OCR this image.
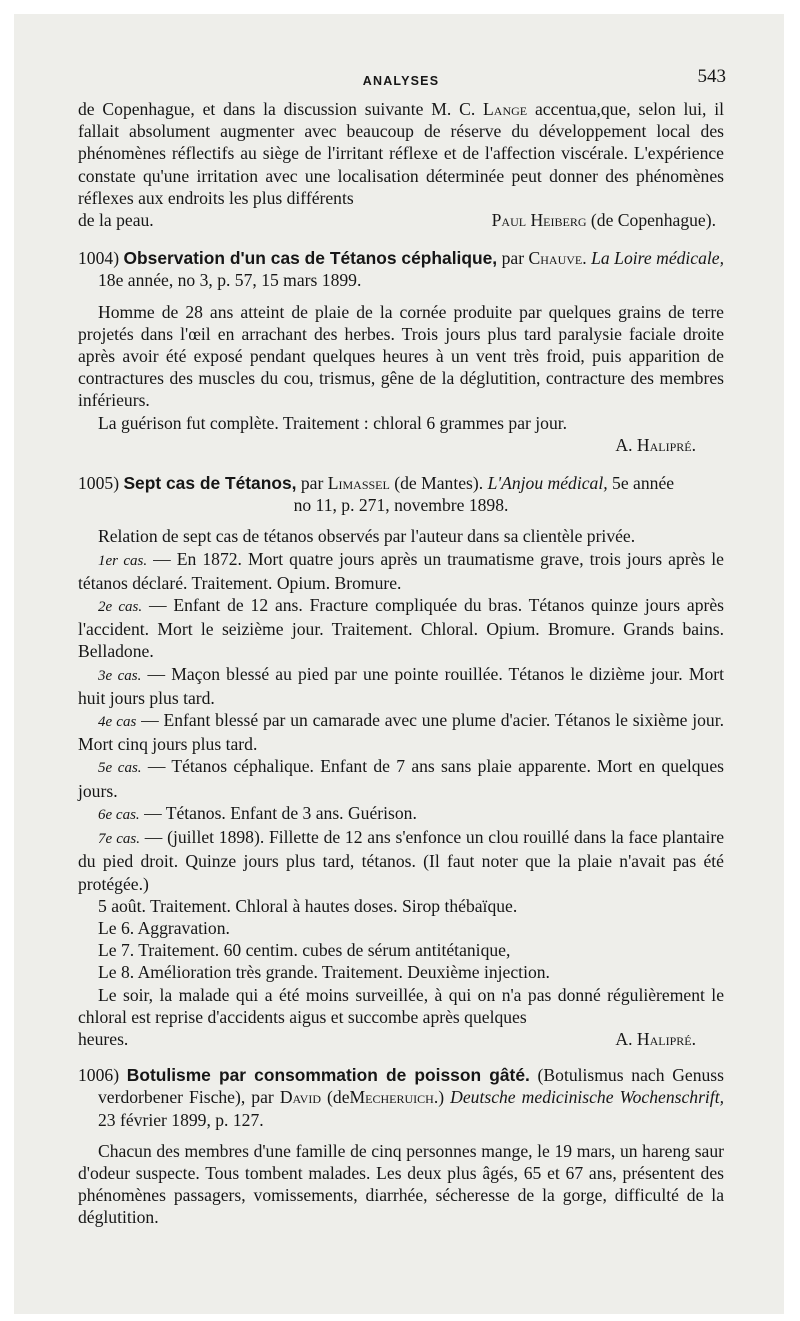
ANALYSES	543

de Copenhague, et dans la discussion suivante M. C. Lange accentua,que, selon lui, il fallait absolument augmenter avec beaucoup de réserve du développement local des phénomènes réflectifs au siège de l'irritant réflexe et de l'affection viscérale. L'expérience constate qu'une irritation avec une localisation déterminée peut donner des phénomènes réflexes aux endroits les plus différents

de la peau.	Paul Heiberg (de Copenhague).

1004) Observation d'un cas de Tétanos céphalique, par Chauve. La Loire médicale, 18e année, no 3, p. 57, 15 mars 1899.

Homme de 28 ans atteint de plaie de la cornée produite par quelques grains de terre projetés dans l'œil en arrachant des herbes. Trois jours plus tard paralysie faciale droite après avoir été exposé pendant quelques heures à un vent très froid, puis apparition de contractures des muscles du cou, trismus, gêne de la déglutition, contracture des membres inférieurs.

La guérison fut complète. Traitement : chloral 6 grammes par jour.

A. Halipré.

1005) Sept cas de Tétanos, par Limassel (de Mantes). L'Anjou médical, 5e année

no 11, p. 271, novembre 1898.

Relation de sept cas de tétanos observés par l'auteur dans sa clientèle privée.

1er cas. — En 1872. Mort quatre jours après un traumatisme grave, trois jours après le tétanos déclaré. Traitement. Opium. Bromure.

2e cas. — Enfant de 12 ans. Fracture compliquée du bras. Tétanos quinze jours après l'accident. Mort le seizième jour. Traitement. Chloral. Opium. Bromure. Grands bains. Belladone.

3e cas. — Maçon blessé au pied par une pointe rouillée. Tétanos le dizième jour. Mort huit jours plus tard.

4e cas — Enfant blessé par un camarade avec une plume d'acier. Tétanos le sixième jour. Mort cinq jours plus tard.

5e cas. — Tétanos céphalique. Enfant de 7 ans sans plaie apparente. Mort en quelques jours.

6e cas. — Tétanos. Enfant de 3 ans. Guérison.

7e cas. — (juillet 1898). Fillette de 12 ans s'enfonce un clou rouillé dans la face plantaire du pied droit. Quinze jours plus tard, tétanos. (Il faut noter que la plaie n'avait pas été protégée.)

5 août. Traitement. Chloral à hautes doses. Sirop thébaïque.

Le 6. Aggravation.

Le 7. Traitement. 60 centim. cubes de sérum antitétanique,

Le 8. Amélioration très grande. Traitement. Deuxième injection.

Le soir, la malade qui a été moins surveillée, à qui on n'a pas donné régulièrement le chloral est reprise d'accidents aigus et succombe après quelques

heures.	A. Halipré.

1006) Botulisme par consommation de poisson gâté. (Botulismus nach Genuss verdorbener Fische), par David (deMecheruich.) Deutsche medicinische Wochenschrift, 23 février 1899, p. 127.

Chacun des membres d'une famille de cinq personnes mange, le 19 mars, un hareng saur d'odeur suspecte. Tous tombent malades. Les deux plus âgés, 65 et 67 ans, présentent des phénomènes passagers, vomissements, diarrhée, sécheresse de la gorge, difficulté de la déglutition.
